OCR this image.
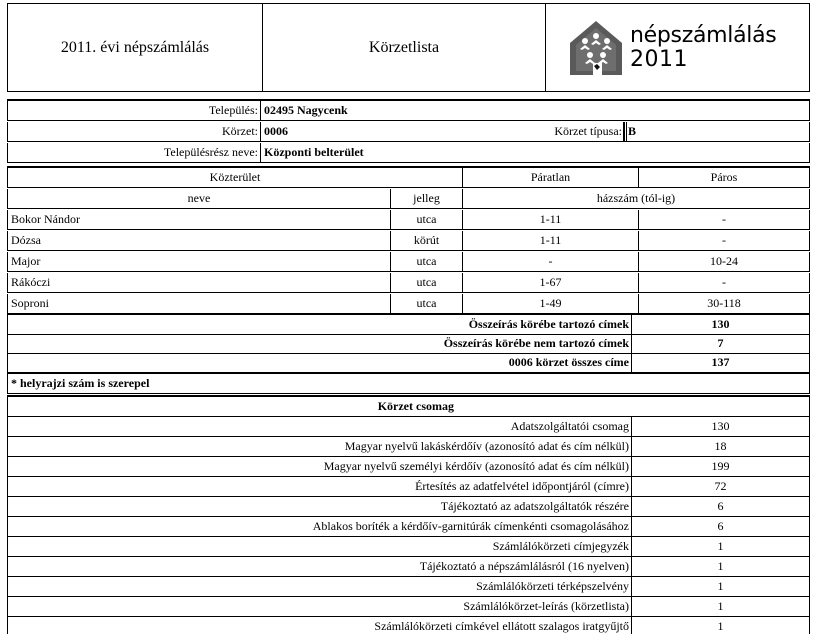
2011. évi népszámlálás	Körzetlista	népszámlálás
2011
Település: 02495 Nagycenk
Körzet: 0006	Körzet típusa: B
Településrész neve: Központi belterület
Közterület	Páratlan	Páros
neve	jelleg	házszám (tól-ig)
Bokor Nándor	utca	1-11	-
Dózsa	körút	1-11	-
Major	utca	-	10-24
Rákóczi	utca	1-67	-
Soproni	utca	1-49	30-118
Összeírás körébe tartozó címek	130
Összeírás körébe nem tartozó címek	7
0006 körzet összes címe	137
* helyrajzi szám is szerepel
Körzet csomag
Adatszolgáltatói csomag	130
Magyar nyelvű lakáskérdőív (azonosító adat és cím nélkül)	18
Magyar nyelvű személyi kérdőív (azonosító adat és cím nélkül)	199
Értesítés az adatfelvétel időpontjáról (címre)	72
Tájékoztató az adatszolgáltatók részére	6
Ablakos boríték a kérdőív-garnitúrák címenkénti csomagolásához	6
Számlálókörzeti címjegyzék	1
Tájékoztató a népszámlálásról (16 nyelven)	1
Számlálókörzeti térképszelvény	1
Számlálókörzet-leírás (körzetlista)	1
Számlálókörzeti címkével ellátott szalagos iratgyűjtő	1
